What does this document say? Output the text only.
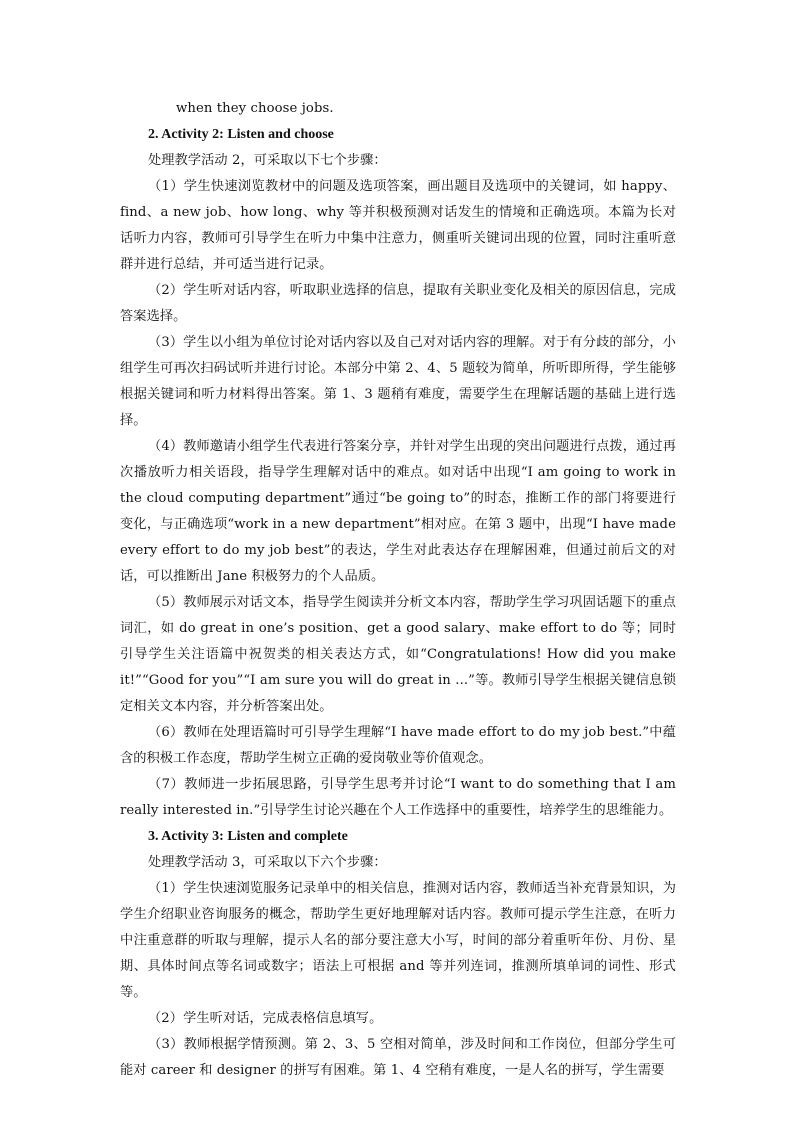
when they choose jobs.

2. Activity 2: Listen and choose

处理教学活动 2，可采取以下七个步骤：

（1）学生快速浏览教材中的问题及选项答案，画出题目及选项中的关键词，如 happy、find、a new job、how long、why 等并积极预测对话发生的情境和正确选项。本篇为长对话听力内容，教师可引导学生在听力中集中注意力，侧重听关键词出现的位置，同时注重听意群并进行总结，并可适当进行记录。

（2）学生听对话内容，听取职业选择的信息，提取有关职业变化及相关的原因信息，完成答案选择。

（3）学生以小组为单位讨论对话内容以及自己对对话内容的理解。对于有分歧的部分，小组学生可再次扫码试听并进行讨论。本部分中第 2、4、5 题较为简单，所听即所得，学生能够根据关键词和听力材料得出答案。第 1、3 题稍有难度，需要学生在理解话题的基础上进行选择。

（4）教师邀请小组学生代表进行答案分享，并针对学生出现的突出问题进行点拨，通过再次播放听力相关语段，指导学生理解对话中的难点。如对话中出现“I am going to work in the cloud computing department”通过“be going to”的时态，推断工作的部门将要进行变化，与正确选项“work in a new department”相对应。在第 3 题中，出现“I have made every effort to do my job best”的表达，学生对此表达存在理解困难，但通过前后文的对话，可以推断出 Jane 积极努力的个人品质。

（5）教师展示对话文本，指导学生阅读并分析文本内容，帮助学生学习巩固话题下的重点词汇，如 do great in one’s position、get a good salary、make effort to do 等；同时引导学生关注语篇中祝贺类的相关表达方式，如“Congratulations! How did you make it!”“Good for you”“I am sure you will do great in ...”等。教师引导学生根据关键信息锁定相关文本内容，并分析答案出处。

（6）教师在处理语篇时可引导学生理解“I have made effort to do my job best.”中蕴含的积极工作态度，帮助学生树立正确的爱岗敬业等价值观念。

（7）教师进一步拓展思路，引导学生思考并讨论“I want to do something that I am really interested in.”引导学生讨论兴趣在个人工作选择中的重要性，培养学生的思维能力。

3. Activity 3: Listen and complete

处理教学活动 3，可采取以下六个步骤：

（1）学生快速浏览服务记录单中的相关信息，推测对话内容，教师适当补充背景知识，为学生介绍职业咨询服务的概念，帮助学生更好地理解对话内容。教师可提示学生注意，在听力中注重意群的听取与理解，提示人名的部分要注意大小写，时间的部分着重听年份、月份、星期、具体时间点等名词或数字；语法上可根据 and 等并列连词，推测所填单词的词性、形式等。

（2）学生听对话，完成表格信息填写。

（3）教师根据学情预测。第 2、3、5 空相对简单，涉及时间和工作岗位，但部分学生可能对 career 和 designer 的拼写有困难。第 1、4 空稍有难度，一是人名的拼写，学生需要
